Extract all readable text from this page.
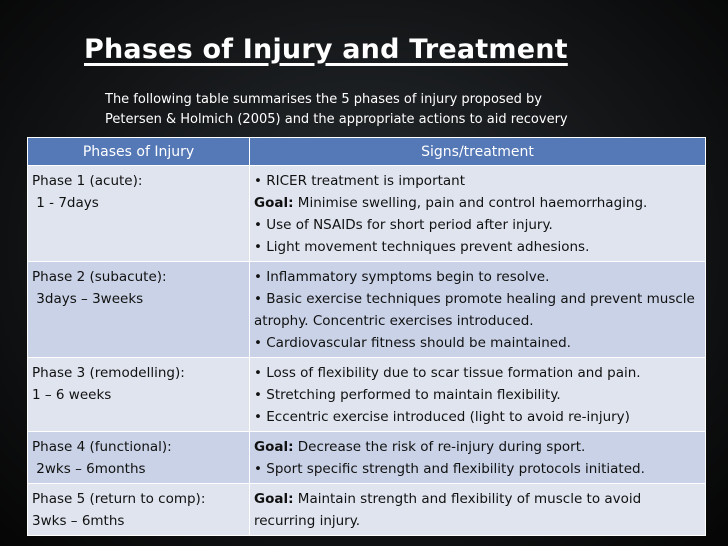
Phases of Injury and Treatment
The following table summarises the 5 phases of injury proposed by
Petersen & Holmich (2005) and the appropriate actions to aid recovery
Phases of Injury	Signs/treatment

Phase 1 (acute):
1 - 7days	• RICER treatment is important
Goal: Minimise swelling, pain and control haemorrhaging.
• Use of NSAIDs for short period after injury.
• Light movement techniques prevent adhesions.

Phase 2 (subacute):
3days – 3weeks	• Inflammatory symptoms begin to resolve.
• Basic exercise techniques promote healing and prevent muscle atrophy. Concentric exercises introduced.
• Cardiovascular fitness should be maintained.

Phase 3 (remodelling):
1 – 6 weeks	• Loss of flexibility due to scar tissue formation and pain.
• Stretching performed to maintain flexibility.
• Eccentric exercise introduced (light to avoid re-injury)

Phase 4 (functional):
2wks – 6months	Goal: Decrease the risk of re-injury during sport.
• Sport specific strength and flexibility protocols initiated.

Phase 5 (return to comp):
3wks – 6mths	Goal: Maintain strength and flexibility of muscle to avoid recurring injury.
